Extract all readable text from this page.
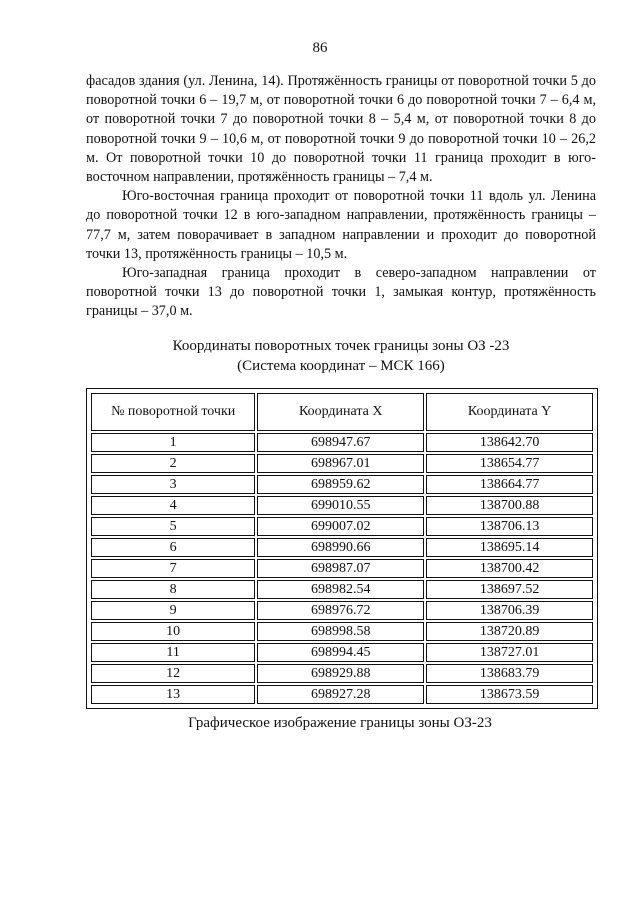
86

фасадов здания (ул. Ленина, 14). Протяжённость границы от поворотной точки 5 до поворотной точки 6 – 19,7 м, от поворотной точки 6 до поворотной точки 7 – 6,4 м, от поворотной точки 7 до поворотной точки 8 – 5,4 м, от поворотной точки 8 до поворотной точки 9 – 10,6 м, от поворотной точки 9 до поворотной точки 10 – 26,2 м. От поворотной точки 10 до поворотной точки 11 граница проходит в юго-восточном направлении, протяжённость границы – 7,4 м.

Юго-восточная граница проходит от поворотной точки 11 вдоль ул. Ленина до поворотной точки 12 в юго-западном направлении, протяжённость границы – 77,7 м, затем поворачивает в западном направлении и проходит до поворотной точки 13, протяжённость границы – 10,5 м.

Юго-западная граница проходит в северо-западном направлении от поворотной точки 13 до поворотной точки 1, замыкая контур, протяжённость границы – 37,0 м.

Координаты поворотных точек границы зоны ОЗ -23
(Система координат – МСК 166)
№ поворотной точки	Координата X	Координата Y
1	698947.67	138642.70
2	698967.01	138654.77
3	698959.62	138664.77
4	699010.55	138700.88
5	699007.02	138706.13
6	698990.66	138695.14
7	698987.07	138700.42
8	698982.54	138697.52
9	698976.72	138706.39
10	698998.58	138720.89
11	698994.45	138727.01
12	698929.88	138683.79
13	698927.28	138673.59
Графическое изображение границы зоны ОЗ-23
